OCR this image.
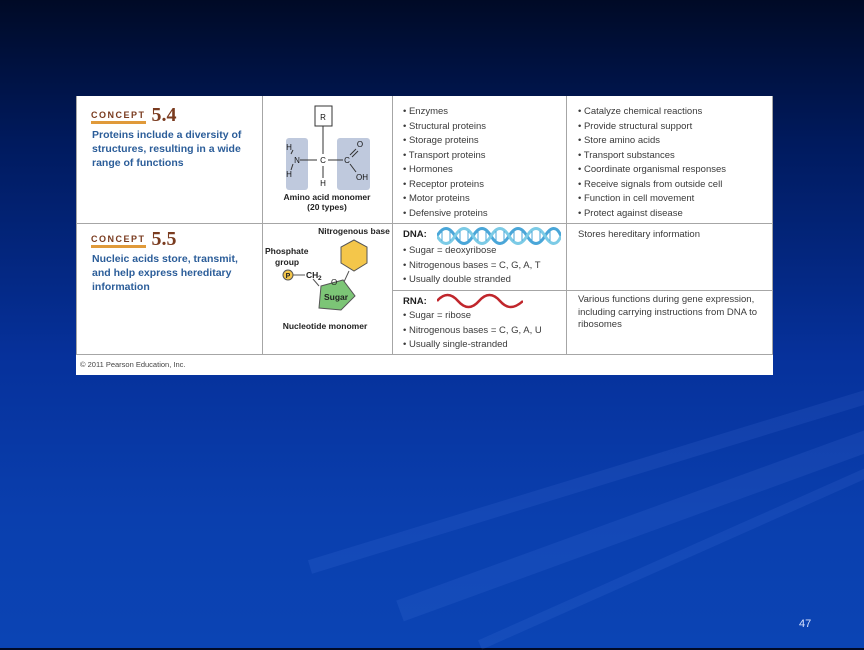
CONCEPT 5.4
Proteins include a diversity of structures, resulting in a wide range of functions
R
H
N
H
C
H
C
O
OH
Amino acid monomer
(20 types)
• Enzymes
• Structural proteins
• Storage proteins
• Transport proteins
• Hormones
• Receptor proteins
• Motor proteins
• Defensive proteins
• Catalyze chemical reactions
• Provide structural support
• Store amino acids
• Transport substances
• Coordinate organismal responses
• Receive signals from outside cell
• Function in cell movement
• Protect against disease
CONCEPT 5.5
Nucleic acids store, transmit, and help express hereditary information
Nitrogenous base
Phosphate
group
P CH 2 O
Sugar
Nucleotide monomer
DNA:
• Sugar = deoxyribose
• Nitrogenous bases = C, G, A, T
• Usually double stranded
Stores hereditary information
RNA:
• Sugar = ribose
• Nitrogenous bases = C, G, A, U
• Usually single-stranded
Various functions during gene expression, including carrying instructions from DNA to ribosomes
© 2011 Pearson Education, Inc.
47
